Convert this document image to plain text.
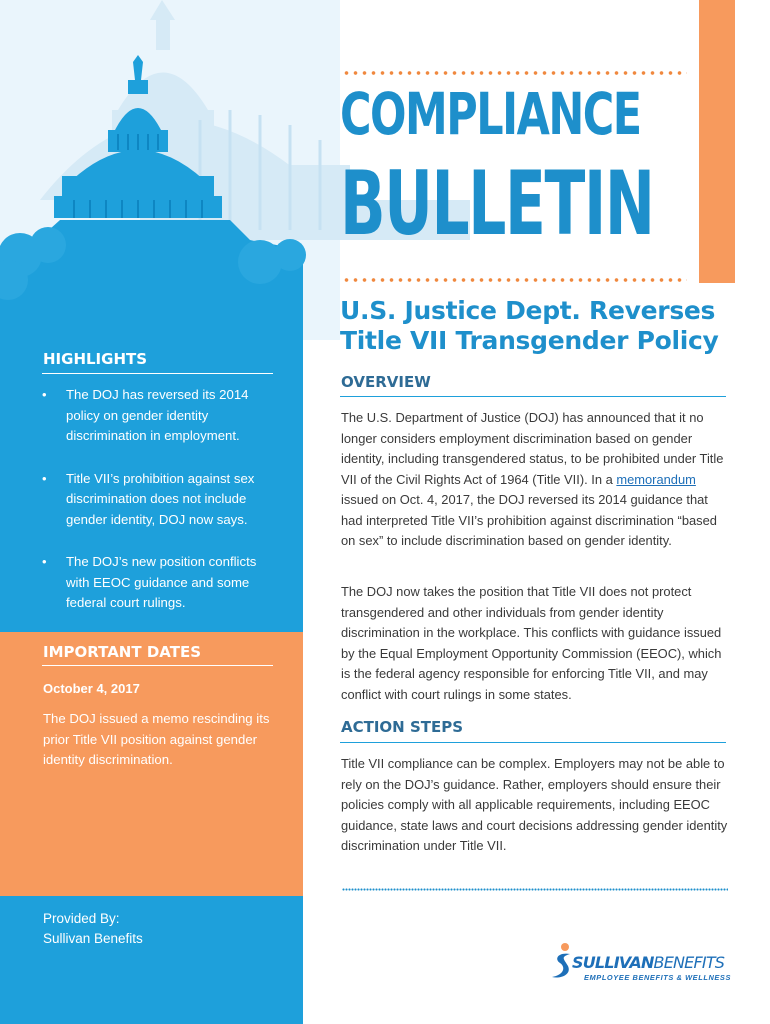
COMPLIANCE
BULLETIN
HIGHLIGHTS
• The DOJ has reversed its 2014 policy on gender identity discrimination in employment.
• Title VII’s prohibition against sex discrimination does not include gender identity, DOJ now says.
• The DOJ’s new position conflicts with EEOC guidance and some federal court rulings.
IMPORTANT DATES
October 4, 2017
The DOJ issued a memo rescinding its prior Title VII position against gender identity discrimination.
Provided By:
Sullivan Benefits
U.S. Justice Dept. Reverses
Title VII Transgender Policy
OVERVIEW
The U.S. Department of Justice (DOJ) has announced that it no longer considers employment discrimination based on gender identity, including transgendered status, to be prohibited under Title VII of the Civil Rights Act of 1964 (Title VII). In a memorandum issued on Oct. 4, 2017, the DOJ reversed its 2014 guidance that had interpreted Title VII’s prohibition against discrimination “based on sex” to include discrimination based on gender identity.
The DOJ now takes the position that Title VII does not protect transgendered and other individuals from gender identity discrimination in the workplace. This conflicts with guidance issued by the Equal Employment Opportunity Commission (EEOC), which is the federal agency responsible for enforcing Title VII, and may conflict with court rulings in some states.
ACTION STEPS
Title VII compliance can be complex. Employers may not be able to rely on the DOJ’s guidance. Rather, employers should ensure their policies comply with all applicable requirements, including EEOC guidance, state laws and court decisions addressing gender identity discrimination under Title VII.
SULLIVANBENEFITS
EMPLOYEE BENEFITS & WELLNESS
